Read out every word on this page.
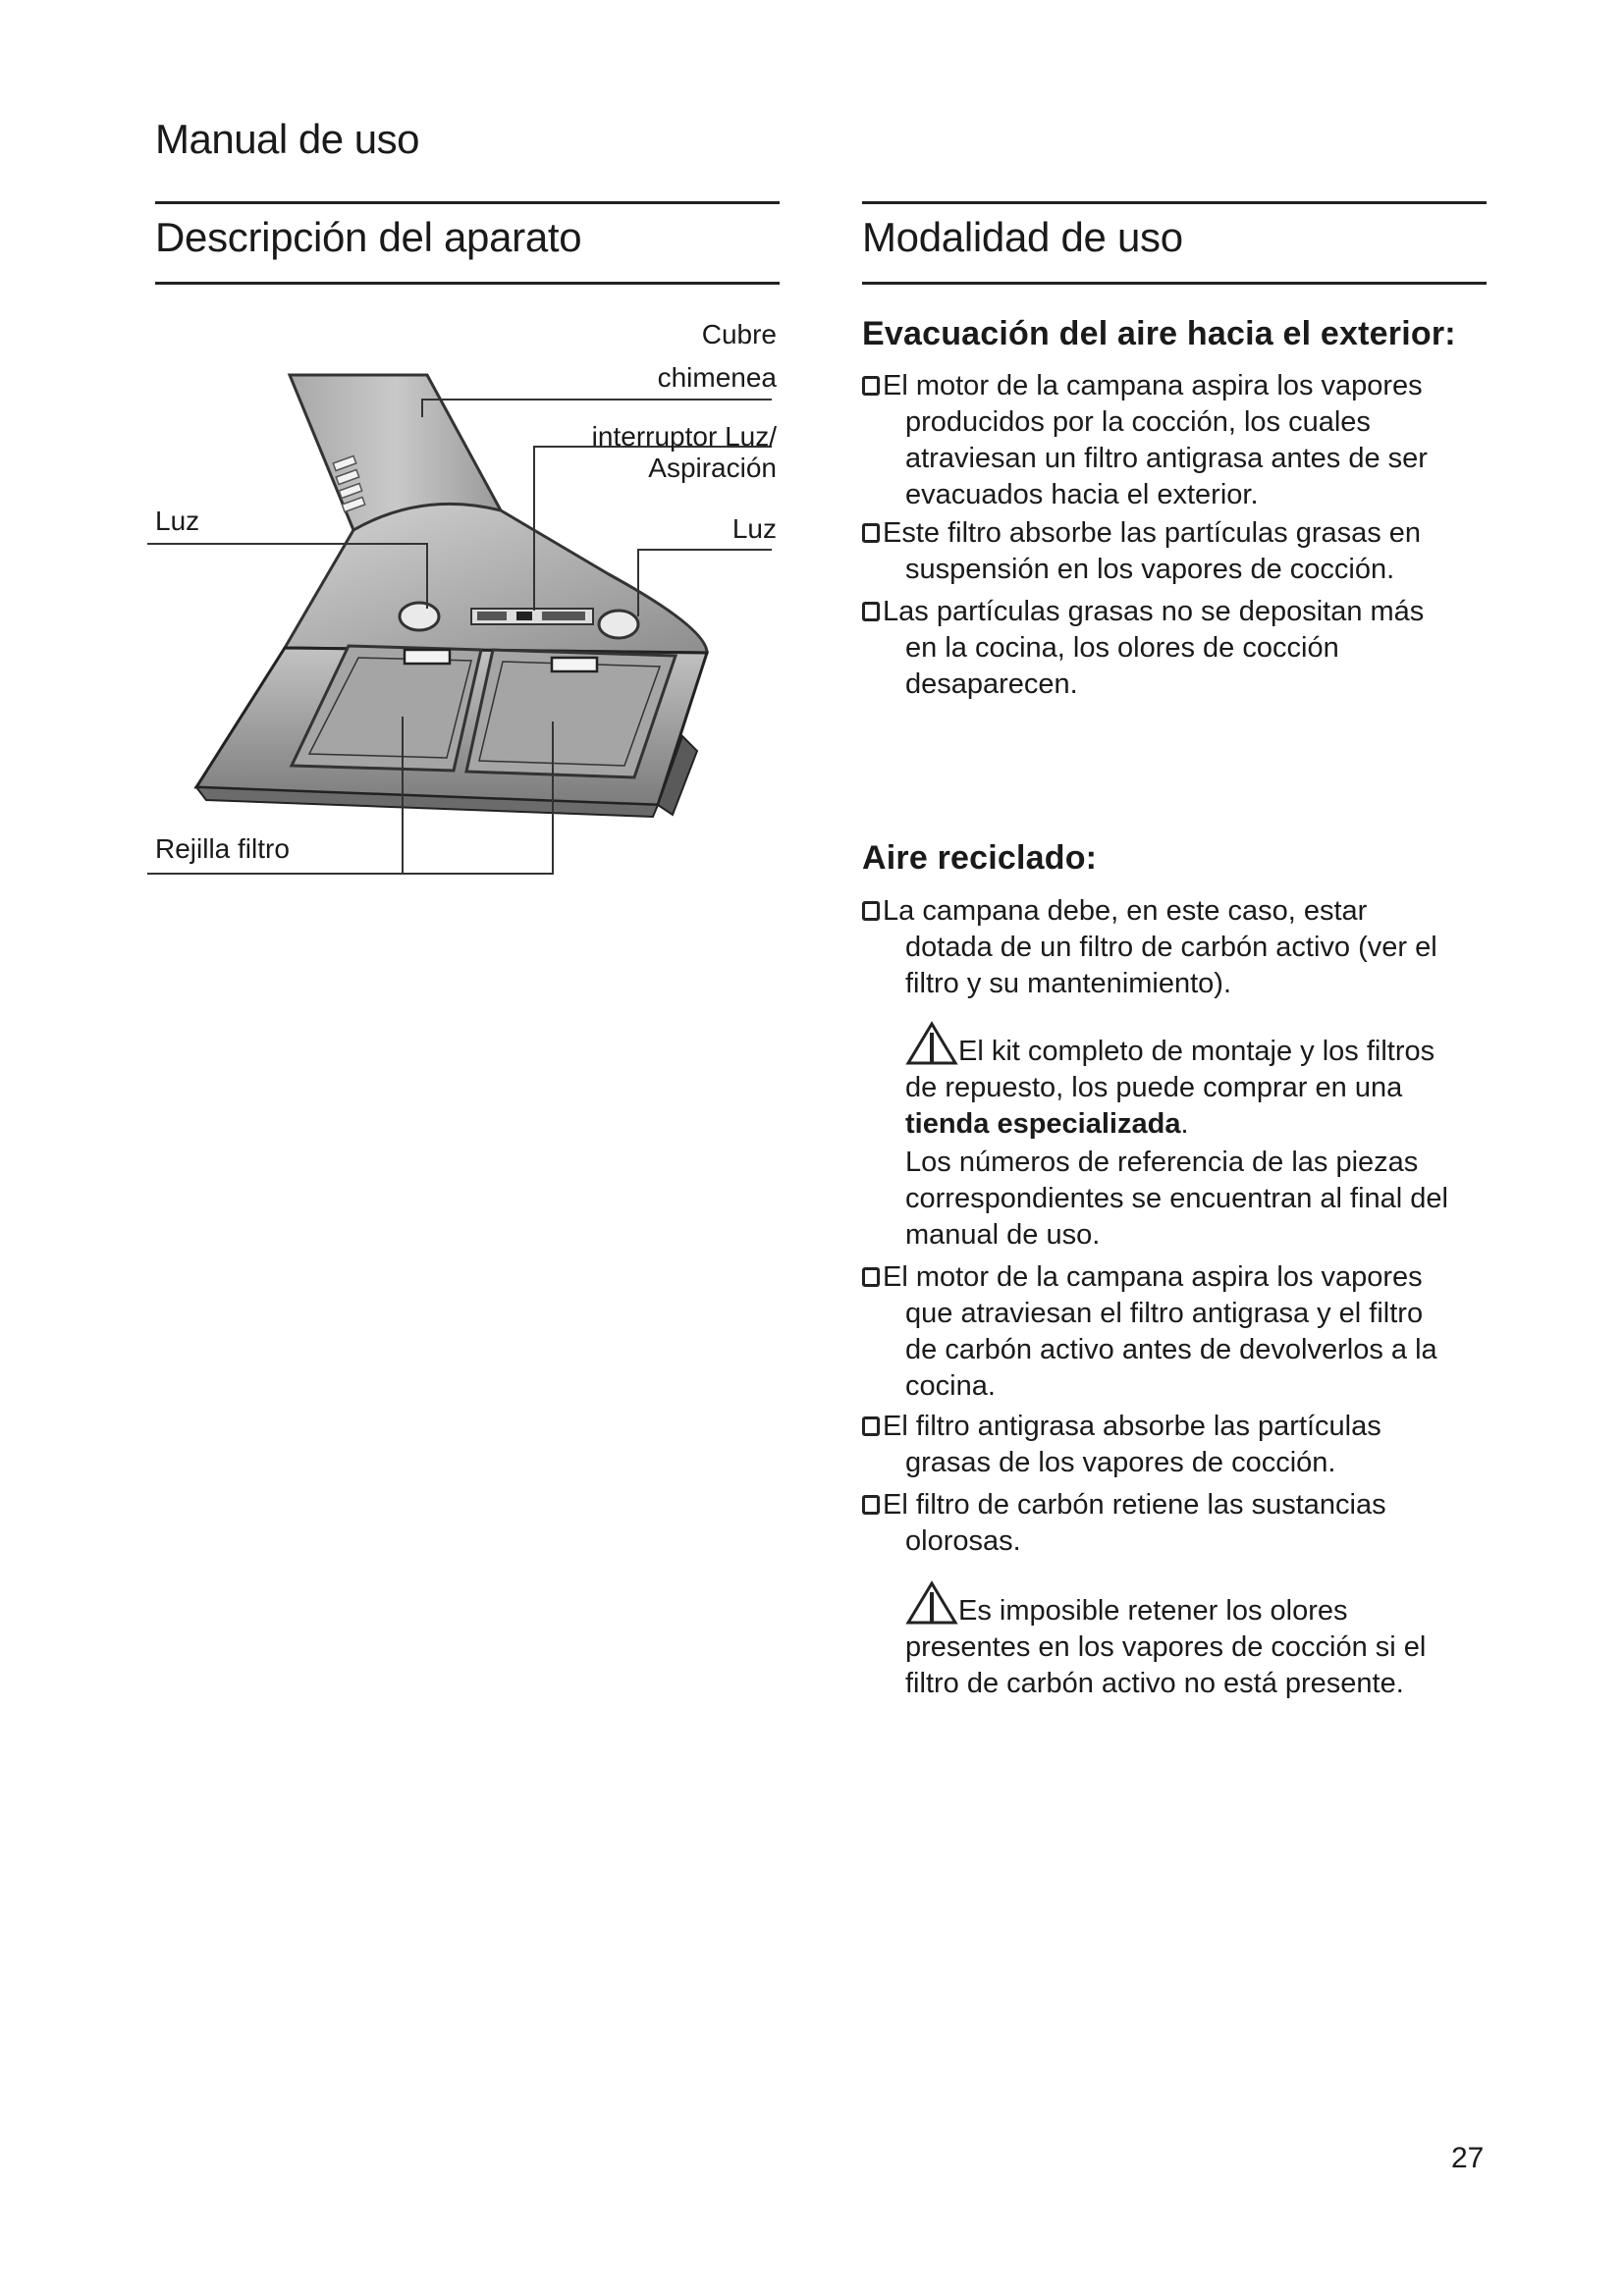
Manual de uso
Descripción del aparato
Cubre
chimenea
interruptor Luz/
Aspiración
Luz	Luz
Rejilla filtro
Modalidad de uso
Evacuación del aire hacia el exterior:
El motor de la campana aspira los vapores
producidos por la cocción, los cuales
atraviesan un filtro antigrasa antes de ser
evacuados hacia el exterior.
Este filtro absorbe las partículas grasas en
suspensión en los vapores de cocción.
Las partículas grasas no se depositan más
en la cocina, los olores de cocción
desaparecen.
Aire reciclado:
La campana debe, en este caso, estar
dotada de un filtro de carbón activo (ver el
filtro y su mantenimiento).
El kit completo de montaje y los filtros
de repuesto, los puede comprar en una
tienda especializada.
Los números de referencia de las piezas
correspondientes se encuentran al final del
manual de uso.
El motor de la campana aspira los vapores
que atraviesan el filtro antigrasa y el filtro
de carbón activo antes de devolverlos a la
cocina.
El filtro antigrasa absorbe las partículas
grasas de los vapores de cocción.
El filtro de carbón retiene las sustancias
olorosas.
Es imposible retener los olores
presentes en los vapores de cocción si el
filtro de carbón activo no está presente.
27
